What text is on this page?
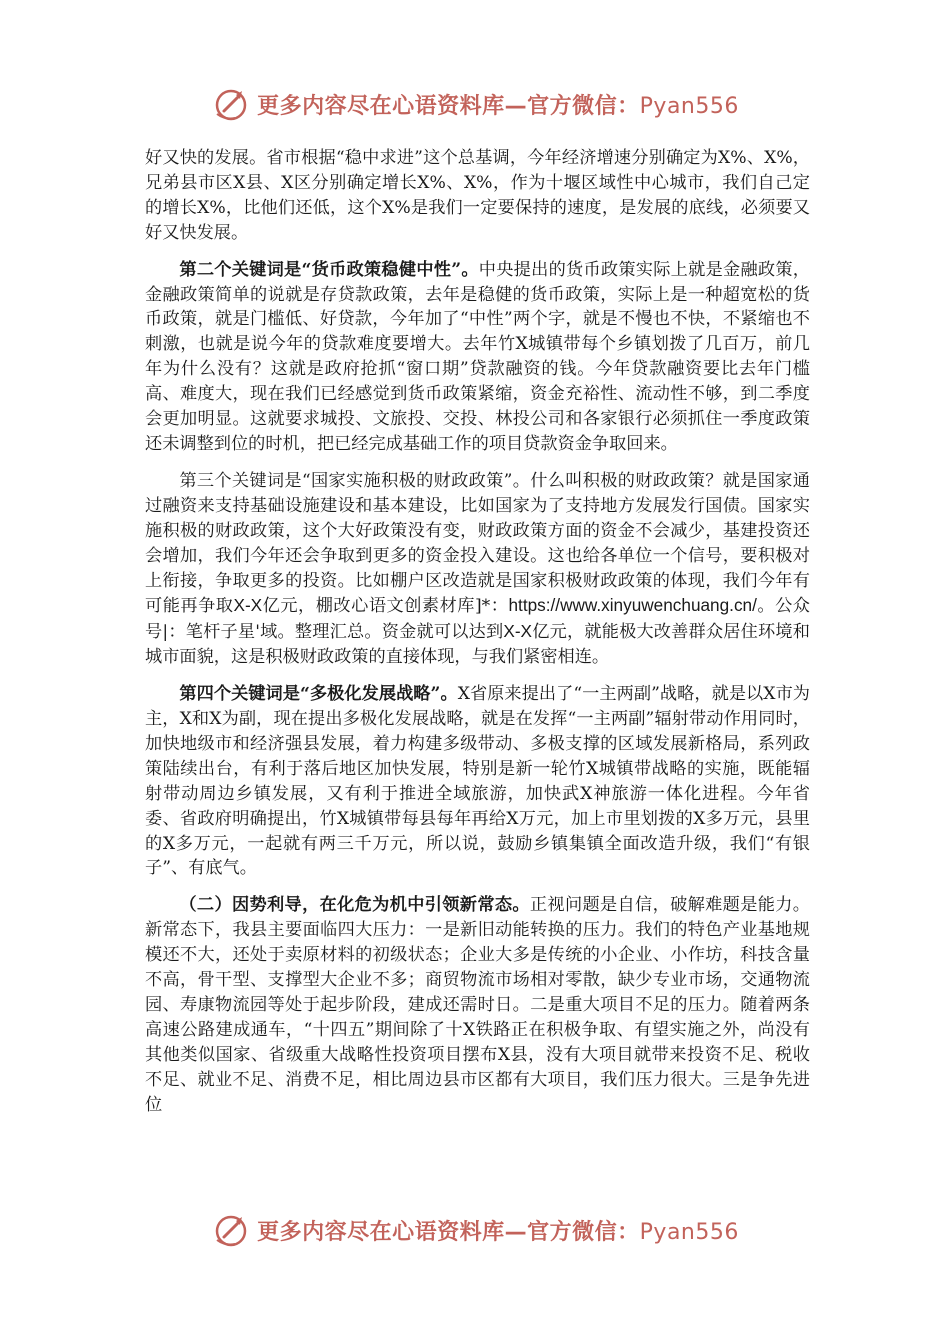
更多内容尽在心语资料库—官方微信：Pyan556

好又快的发展。省市根据“稳中求进”这个总基调，今年经济增速分别确定为X%、X%，兄弟县市区X县、X区分别确定增长X%、X%，作为十堰区域性中心城市，我们自己定的增长X%，比他们还低，这个X%是我们一定要保持的速度，是发展的底线，必须要又好又快发展。

第二个关键词是“货币政策稳健中性”。中央提出的货币政策实际上就是金融政策，金融政策简单的说就是存贷款政策，去年是稳健的货币政策，实际上是一种超宽松的货币政策，就是门槛低、好贷款，今年加了“中性”两个字，就是不慢也不快，不紧缩也不刺激，也就是说今年的贷款难度要增大。去年竹X城镇带每个乡镇划拨了几百万，前几年为什么没有？这就是政府抢抓“窗口期”贷款融资的钱。今年贷款融资要比去年门槛高、难度大，现在我们已经感觉到货币政策紧缩，资金充裕性、流动性不够，到二季度会更加明显。这就要求城投、文旅投、交投、林投公司和各家银行必须抓住一季度政策还未调整到位的时机，把已经完成基础工作的项目贷款资金争取回来。

第三个关键词是“国家实施积极的财政政策”。什么叫积极的财政政策？就是国家通过融资来支持基础设施建设和基本建设，比如国家为了支持地方发展发行国债。国家实施积极的财政政策，这个大好政策没有变，财政政策方面的资金不会减少，基建投资还会增加，我们今年还会争取到更多的资金投入建设。这也给各单位一个信号，要积极对上衔接，争取更多的投资。比如棚户区改造就是国家积极财政政策的体现，我们今年有可能再争取X-X亿元，棚改心语文创素材库]*：https://www.xinyuwenchuang.cn/。公众号|：笔杆子星'域。整理汇总。资金就可以达到X-X亿元，就能极大改善群众居住环境和城市面貌，这是积极财政政策的直接体现，与我们紧密相连。

第四个关键词是“多极化发展战略”。X省原来提出了“一主两副”战略，就是以X市为主，X和X为副，现在提出多极化发展战略，就是在发挥“一主两副”辐射带动作用同时，加快地级市和经济强县发展，着力构建多级带动、多极支撑的区域发展新格局，系列政策陆续出台，有利于落后地区加快发展，特别是新一轮竹X城镇带战略的实施，既能辐射带动周边乡镇发展，又有利于推进全域旅游，加快武X神旅游一体化进程。今年省委、省政府明确提出，竹X城镇带每县每年再给X万元，加上市里划拨的X多万元，县里的X多万元，一起就有两三千万元，所以说，鼓励乡镇集镇全面改造升级，我们“有银子”、有底气。

（二）因势利导，在化危为机中引领新常态。正视问题是自信，破解难题是能力。新常态下，我县主要面临四大压力：一是新旧动能转换的压力。我们的特色产业基地规模还不大，还处于卖原材料的初级状态；企业大多是传统的小企业、小作坊，科技含量不高，骨干型、支撑型大企业不多；商贸物流市场相对零散，缺少专业市场，交通物流园、寿康物流园等处于起步阶段，建成还需时日。二是重大项目不足的压力。随着两条高速公路建成通车，“十四五”期间除了十X铁路正在积极争取、有望实施之外，尚没有其他类似国家、省级重大战略性投资项目摆布X县，没有大项目就带来投资不足、税收不足、就业不足、消费不足，相比周边县市区都有大项目，我们压力很大。三是争先进位

更多内容尽在心语资料库—官方微信：Pyan556
